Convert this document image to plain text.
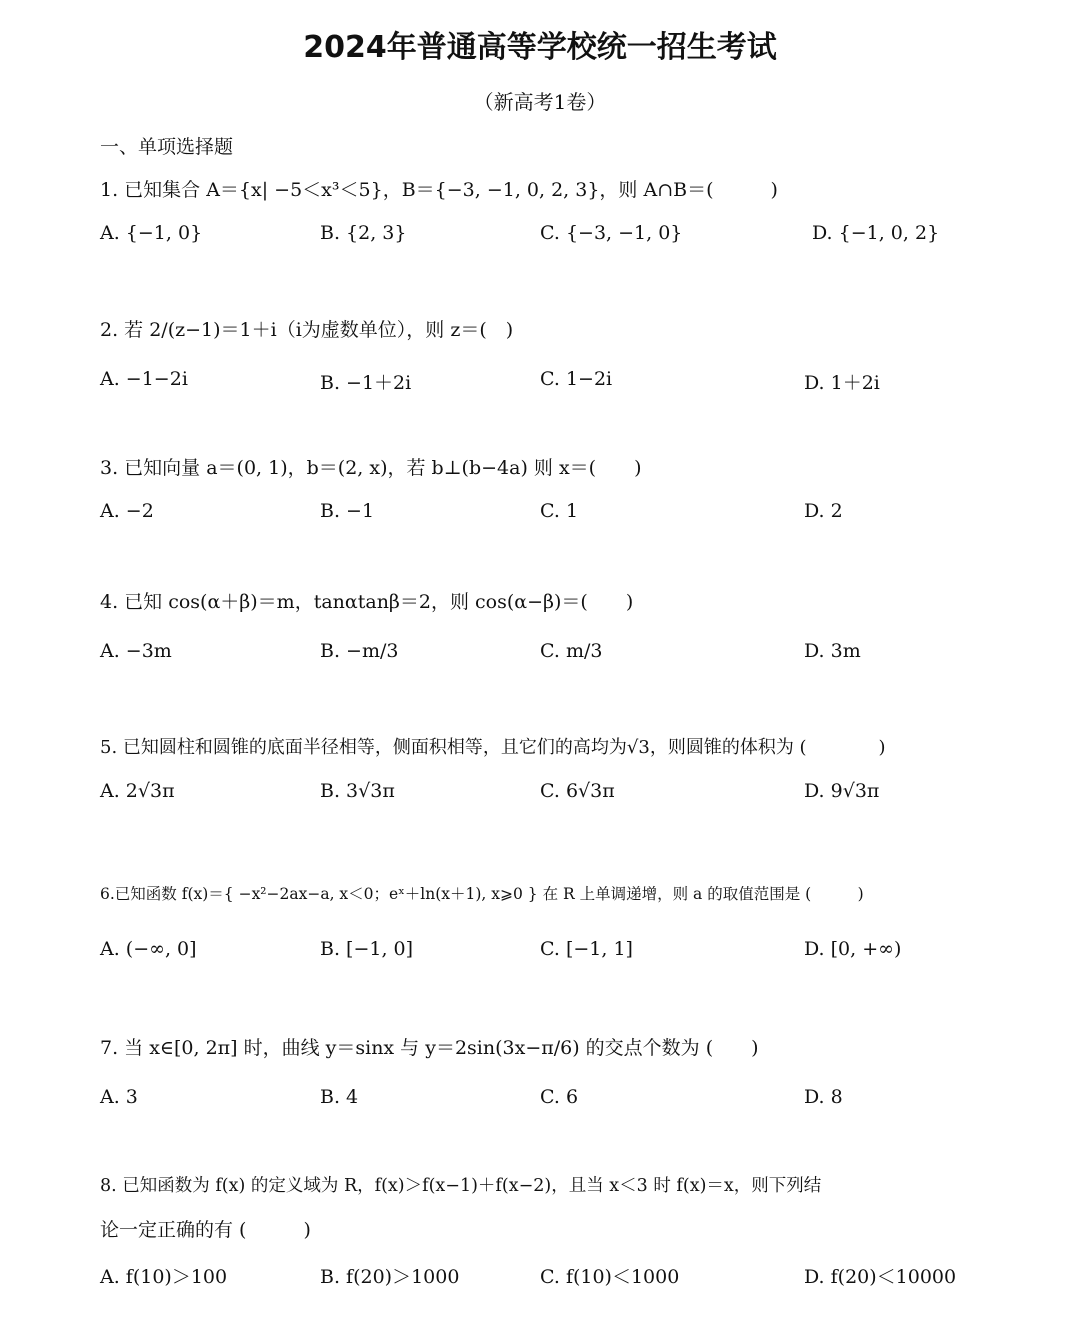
2024年普通高等学校统一招生考试
（新高考1卷）
一、单项选择题
1. 已知集合 A＝{x| −5＜x³＜5}，B＝{−3, −1, 0, 2, 3}，则 A∩B＝(　　　)
A. {−1, 0}	B. {2, 3}	C. {−3, −1, 0}	D. {−1, 0, 2}
2. 若 2/(z−1)＝1＋i（i为虚数单位），则 z＝(　)
A. −1−2i	B. −1＋2i	C. 1−2i	D. 1＋2i
3. 已知向量 a＝(0, 1)，b＝(2, x)，若 b⊥(b−4a) 则 x＝(　　)
A. −2	B. −1	C. 1	D. 2
4. 已知 cos(α＋β)＝m，tanαtanβ＝2，则 cos(α−β)＝(　　)
A. −3m	B. −m/3	C. m/3	D. 3m
5. 已知圆柱和圆锥的底面半径相等，侧面积相等，且它们的高均为√3，则圆锥的体积为 (　　　　)
A. 2√3π	B. 3√3π	C. 6√3π	D. 9√3π
6.已知函数 f(x)＝{ −x²−2ax−a, x＜0；eˣ＋ln(x＋1), x⩾0 } 在 R 上单调递增，则 a 的取值范围是 (　　　)
A. (−∞, 0]	B. [−1, 0]	C. [−1, 1]	D. [0, +∞)
7. 当 x∈[0, 2π] 时，曲线 y＝sinx 与 y＝2sin(3x−π/6) 的交点个数为 (　　)
A. 3	B. 4	C. 6	D. 8
8. 已知函数为 f(x) 的定义域为 R，f(x)＞f(x−1)＋f(x−2)，且当 x＜3 时 f(x)＝x，则下列结
论一定正确的有 (　　　)
A. f(10)＞100	B. f(20)＞1000	C. f(10)＜1000	D. f(20)＜10000
